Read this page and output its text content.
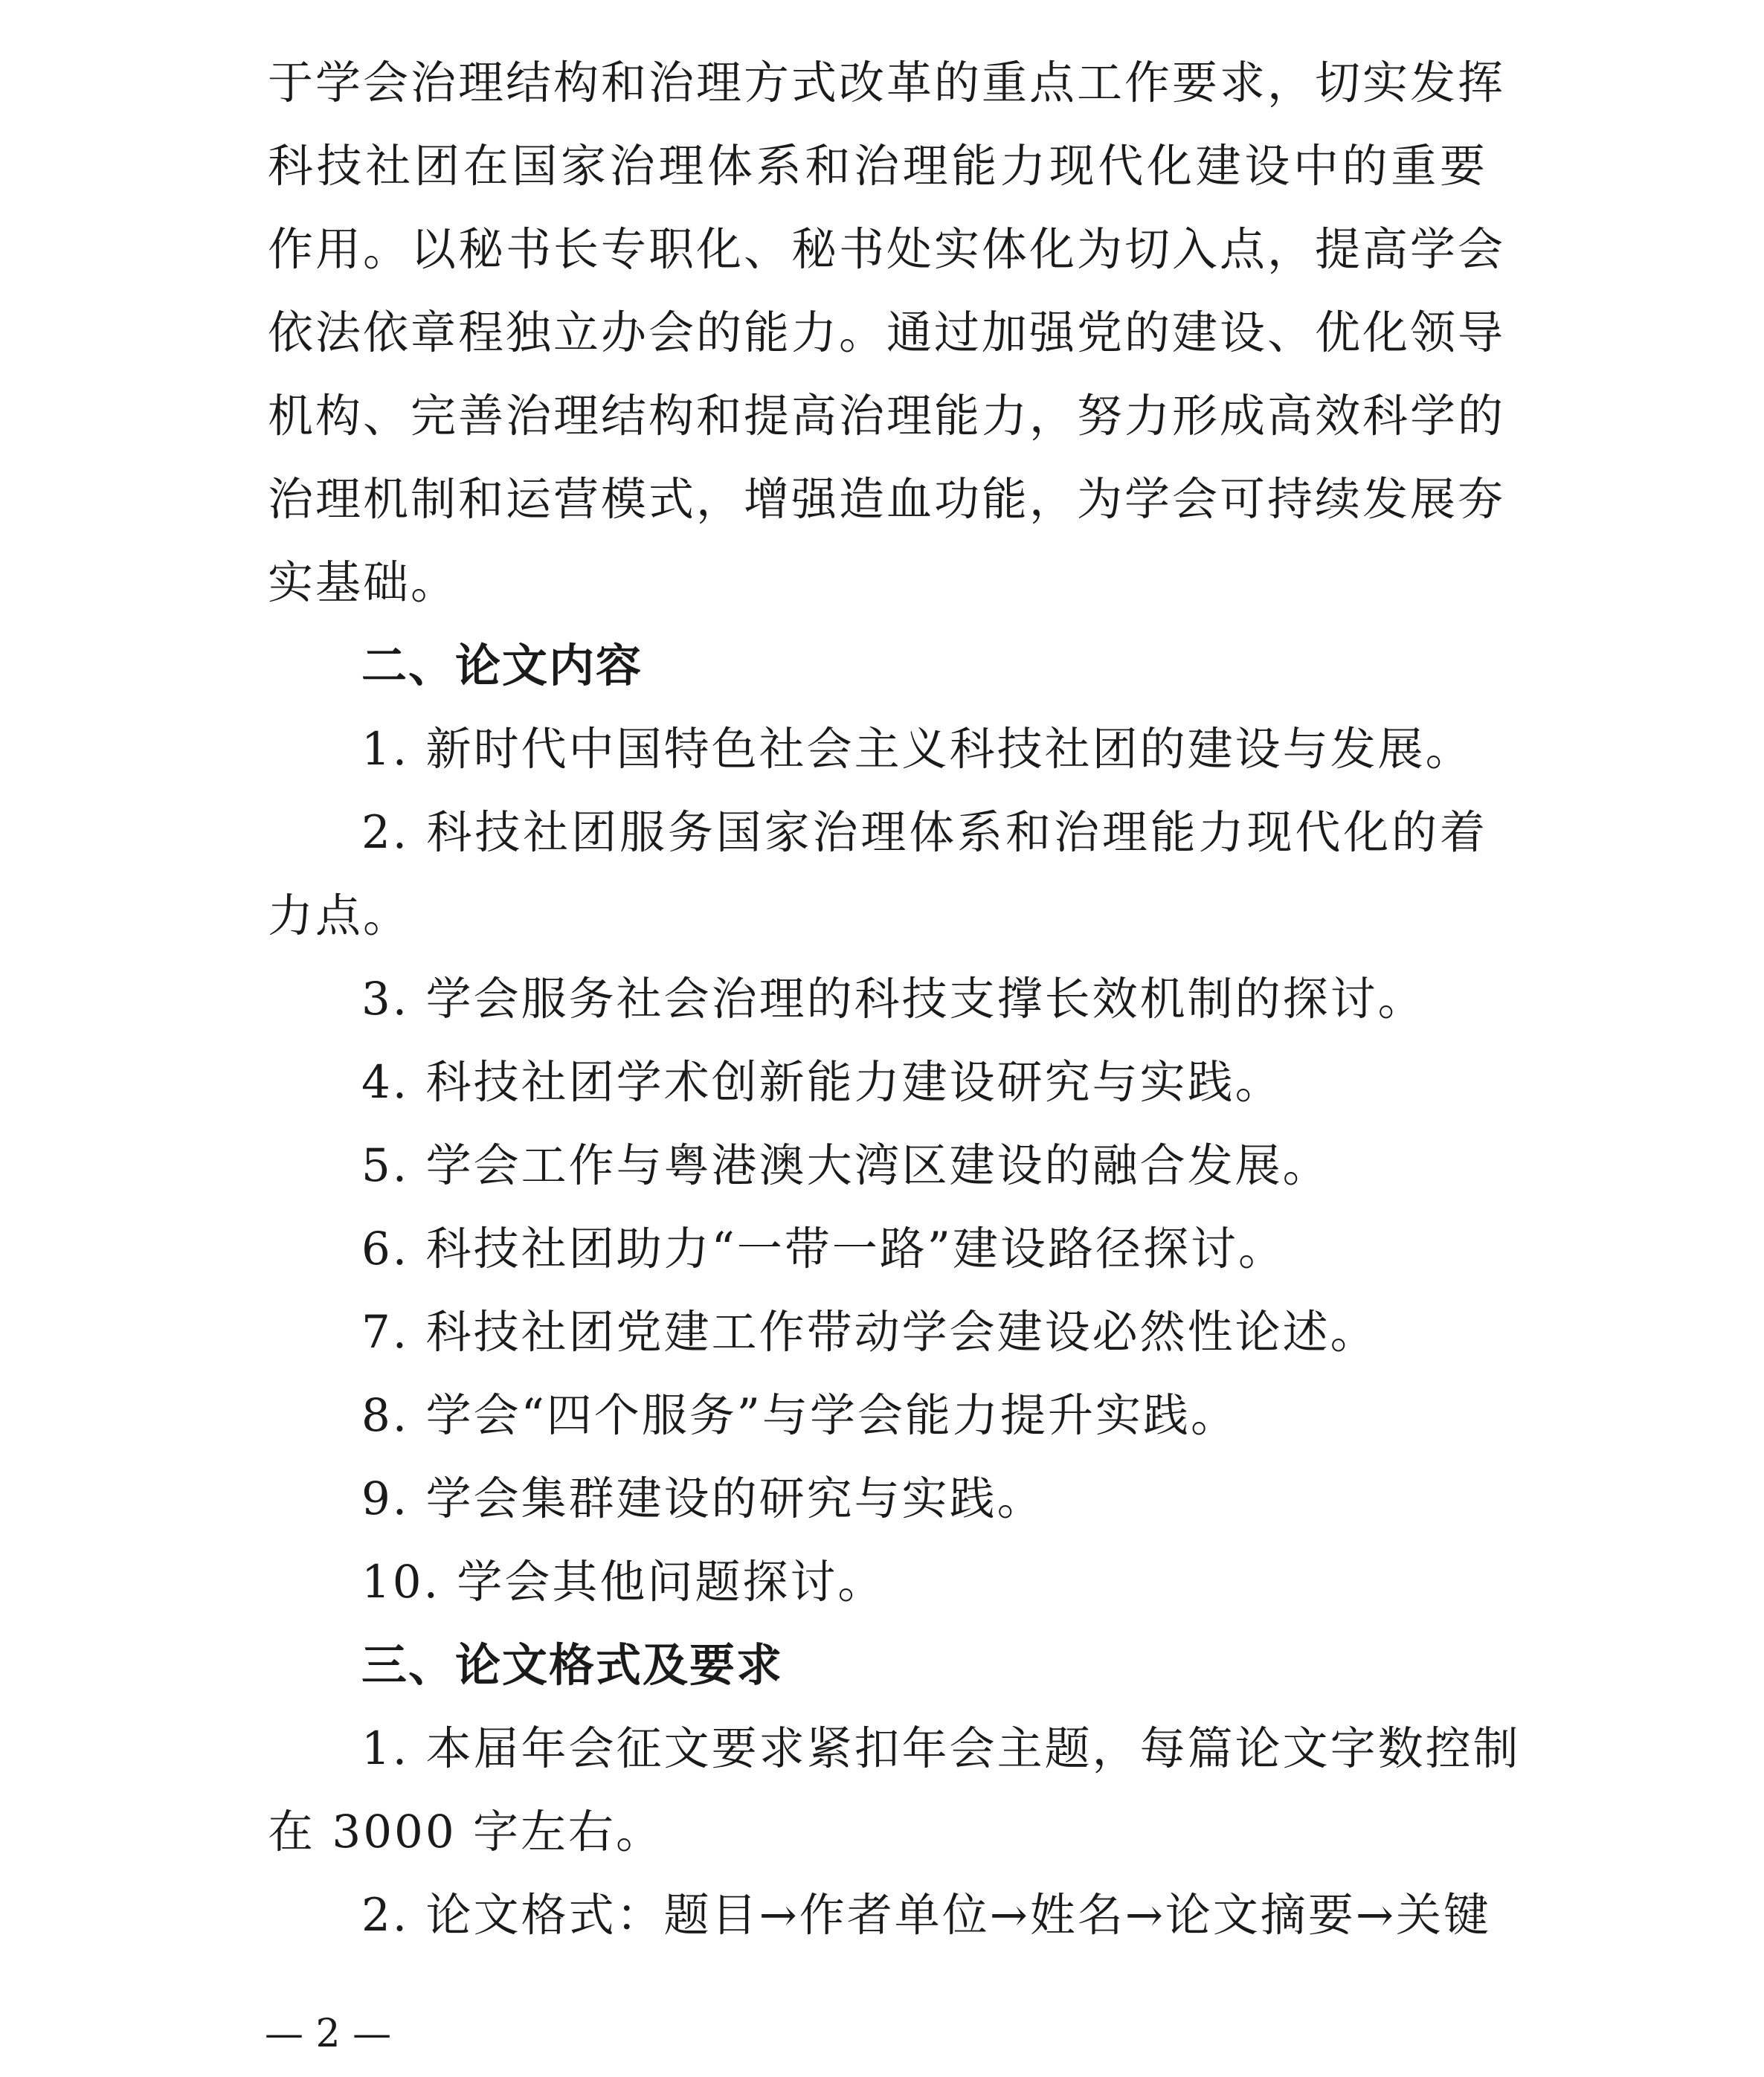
于学会治理结构和治理方式改革的重点工作要求，切实发挥
科技社团在国家治理体系和治理能力现代化建设中的重要
作用。以秘书长专职化、秘书处实体化为切入点，提高学会
依法依章程独立办会的能力。通过加强党的建设、优化领导
机构、完善治理结构和提高治理能力，努力形成高效科学的
治理机制和运营模式，增强造血功能，为学会可持续发展夯
实基础。
二、论文内容
1. 新时代中国特色社会主义科技社团的建设与发展。
2. 科技社团服务国家治理体系和治理能力现代化的着
力点。
3. 学会服务社会治理的科技支撑长效机制的探讨。
4. 科技社团学术创新能力建设研究与实践。
5. 学会工作与粤港澳大湾区建设的融合发展。
6. 科技社团助力“一带一路”建设路径探讨。
7. 科技社团党建工作带动学会建设必然性论述。
8. 学会“四个服务”与学会能力提升实践。
9. 学会集群建设的研究与实践。
10. 学会其他问题探讨。
三、论文格式及要求
1. 本届年会征文要求紧扣年会主题，每篇论文字数控制
在 3000 字左右。
2. 论文格式：题目→作者单位→姓名→论文摘要→关键
— 2 —
